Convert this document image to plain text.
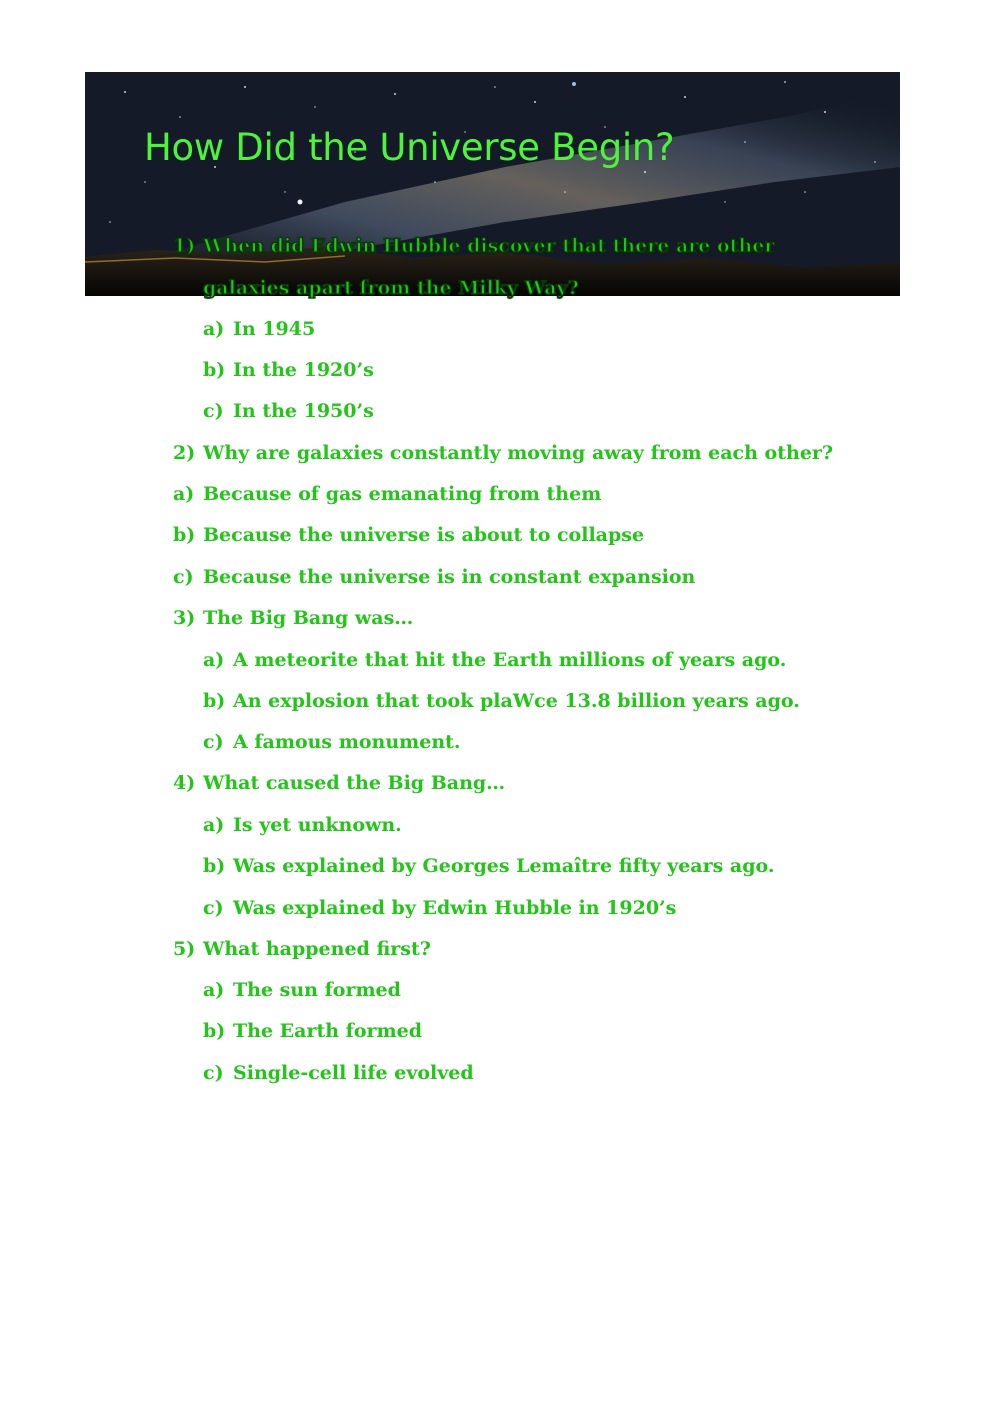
How Did the Universe Begin?

1) When did Edwin Hubble discover that there are other

galaxies apart from the Milky Way?

a) In 1945

b) In the 1920’s

c) In the 1950’s

2) Why are galaxies constantly moving away from each other?

a) Because of gas emanating from them

b) Because the universe is about to collapse

c) Because the universe is in constant expansion

3) The Big Bang was…

a) A meteorite that hit the Earth millions of years ago.

b) An explosion that took plaWce 13.8 billion years ago.

c) A famous monument.

4) What caused the Big Bang…

a) Is yet unknown.

b) Was explained by Georges Lemaître fifty years ago.

c) Was explained by Edwin Hubble in 1920’s

5) What happened first?

a) The sun formed

b) The Earth formed

c) Single-cell life evolved
